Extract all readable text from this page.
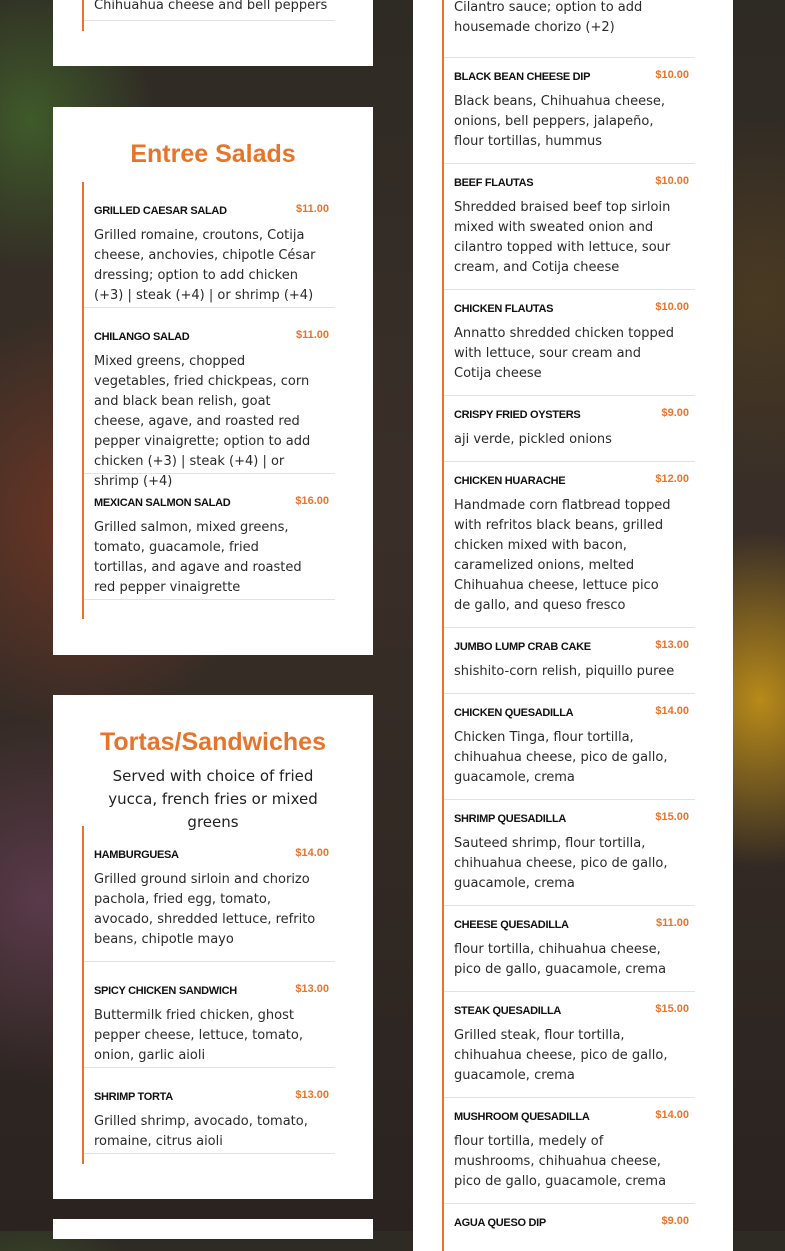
Chihuahua cheese and bell peppers
Entree Salads
GRILLED CAESAR SALAD	$11.00
Grilled romaine, croutons, Cotija cheese, anchovies, chipotle César dressing; option to add chicken (+3) | steak (+4) | or shrimp (+4)
CHILANGO SALAD	$11.00
Mixed greens, chopped vegetables, fried chickpeas, corn and black bean relish, goat cheese, agave, and roasted red pepper vinaigrette; option to add chicken (+3) | steak (+4) | or shrimp (+4)
MEXICAN SALMON SALAD	$16.00
Grilled salmon, mixed greens, tomato, guacamole, fried tortillas, and agave and roasted red pepper vinaigrette
Tortas/Sandwiches
Served with choice of fried yucca, french fries or mixed greens
HAMBURGUESA	$14.00
Grilled ground sirloin and chorizo pachola, fried egg, tomato, avocado, shredded lettuce, refrito beans, chipotle mayo
SPICY CHICKEN SANDWICH	$13.00
Buttermilk fried chicken, ghost pepper cheese, lettuce, tomato, onion, garlic aioli
SHRIMP TORTA	$13.00
Grilled shrimp, avocado, tomato, romaine, citrus aioli
Cilantro sauce; option to add housemade chorizo (+2)
BLACK BEAN CHEESE DIP	$10.00
Black beans, Chihuahua cheese, onions, bell peppers, jalapeño, flour tortillas, hummus
BEEF FLAUTAS	$10.00
Shredded braised beef top sirloin mixed with sweated onion and cilantro topped with lettuce, sour cream, and Cotija cheese
CHICKEN FLAUTAS	$10.00
Annatto shredded chicken topped with lettuce, sour cream and Cotija cheese
CRISPY FRIED OYSTERS	$9.00
aji verde, pickled onions
CHICKEN HUARACHE	$12.00
Handmade corn flatbread topped with refritos black beans, grilled chicken mixed with bacon, caramelized onions, melted Chihuahua cheese, lettuce pico de gallo, and queso fresco
JUMBO LUMP CRAB CAKE	$13.00
shishito-corn relish, piquillo puree
CHICKEN QUESADILLA	$14.00
Chicken Tinga, flour tortilla, chihuahua cheese, pico de gallo, guacamole, crema
SHRIMP QUESADILLA	$15.00
Sauteed shrimp, flour tortilla, chihuahua cheese, pico de gallo, guacamole, crema
CHEESE QUESADILLA	$11.00
flour tortilla, chihuahua cheese, pico de gallo, guacamole, crema
STEAK QUESADILLA	$15.00
Grilled steak, flour tortilla, chihuahua cheese, pico de gallo, guacamole, crema
MUSHROOM QUESADILLA	$14.00
flour tortilla, medely of mushrooms, chihuahua cheese, pico de gallo, guacamole, crema
AGUA QUESO DIP	$9.00
